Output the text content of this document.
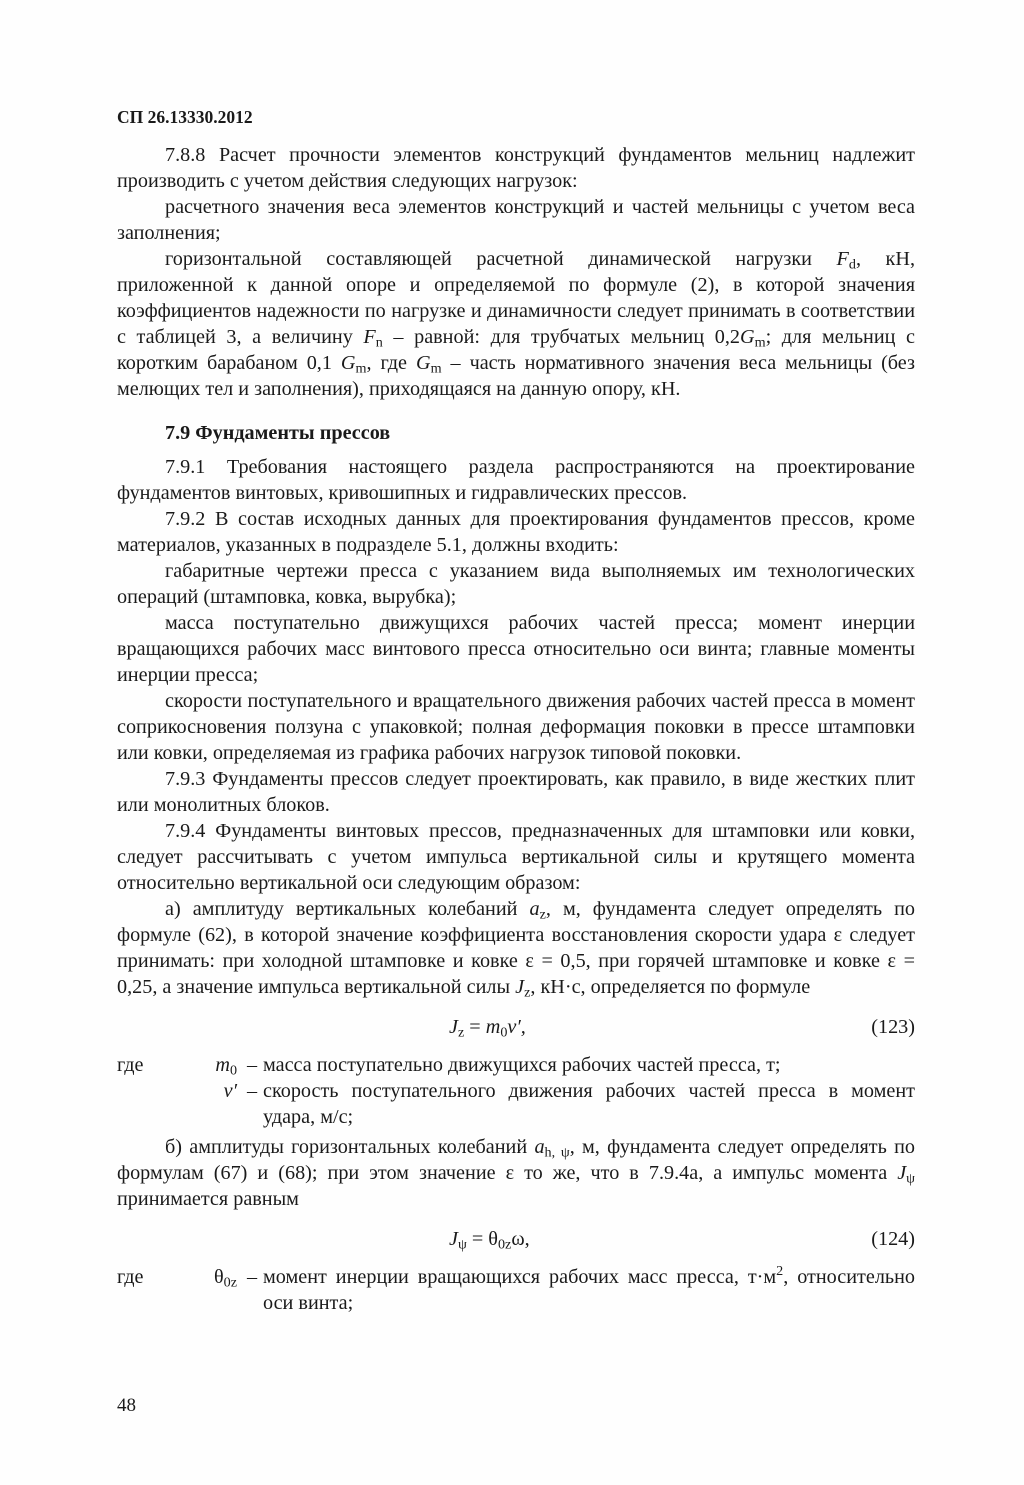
СП 26.13330.2012

7.8.8 Расчет прочности элементов конструкций фундаментов мельниц надлежит производить с учетом действия следующих нагрузок:

расчетного значения веса элементов конструкций и частей мельницы с учетом веса заполнения;

горизонтальной составляющей расчетной динамической нагрузки $F_d$, кН, приложенной к данной опоре и определяемой по формуле (2), в которой значения коэффициентов надежности по нагрузке и динамичности следует принимать в соответствии с таблицей 3, а величину $F_n$ – равной: для трубчатых мельниц $0,2G_m$; для мельниц с коротким барабаном 0,1 $G_m$, где $G_m$ – часть нормативного значения веса мельницы (без мелющих тел и заполнения), приходящаяся на данную опору, кН.

7.9 Фундаменты прессов

7.9.1 Требования настоящего раздела распространяются на проектирование фундаментов винтовых, кривошипных и гидравлических прессов.

7.9.2 В состав исходных данных для проектирования фундаментов прессов, кроме материалов, указанных в подразделе 5.1, должны входить:

габаритные чертежи пресса с указанием вида выполняемых им технологических операций (штамповка, ковка, вырубка);

масса поступательно движущихся рабочих частей пресса; момент инерции вращающихся рабочих масс винтового пресса относительно оси винта; главные моменты инерции пресса;

скорости поступательного и вращательного движения рабочих частей пресса в момент соприкосновения ползуна с упаковкой; полная деформация поковки в прессе штамповки или ковки, определяемая из графика рабочих нагрузок типовой поковки.

7.9.3 Фундаменты прессов следует проектировать, как правило, в виде жестких плит или монолитных блоков.

7.9.4 Фундаменты винтовых прессов, предназначенных для штамповки или ковки, следует рассчитывать с учетом импульса вертикальной силы и крутящего момента относительно вертикальной оси следующим образом:

а) амплитуду вертикальных колебаний $a_z$, м, фундамента следует определять по формуле (62), в которой значение коэффициента восстановления скорости удара ε следует принимать: при холодной штамповке и ковке ε = 0,5, при горячей штамповке и ковке ε = 0,25, а значение импульса вертикальной силы $J_z$, кН·с, определяется по формуле

$J_z = m_0v'$,	(123)
где	$m_0$ – масса поступательно движущихся рабочих частей пресса, т;
v′ – скорость поступательного движения рабочих частей пресса в момент удара, м/с;

б) амплитуды горизонтальных колебаний $a_{h, \psi}$, м, фундамента следует определять по формулам (67) и (68); при этом значение ε то же, что в 7.9.4а, а импульс момента $J_\psi$ принимается равным

$J_\psi = \theta_{0z}\omega$,	(124)
где	$\theta_{0z}$ – момент инерции вращающихся рабочих масс пресса, $т\cdot м^2$, относительно оси винта;
48
